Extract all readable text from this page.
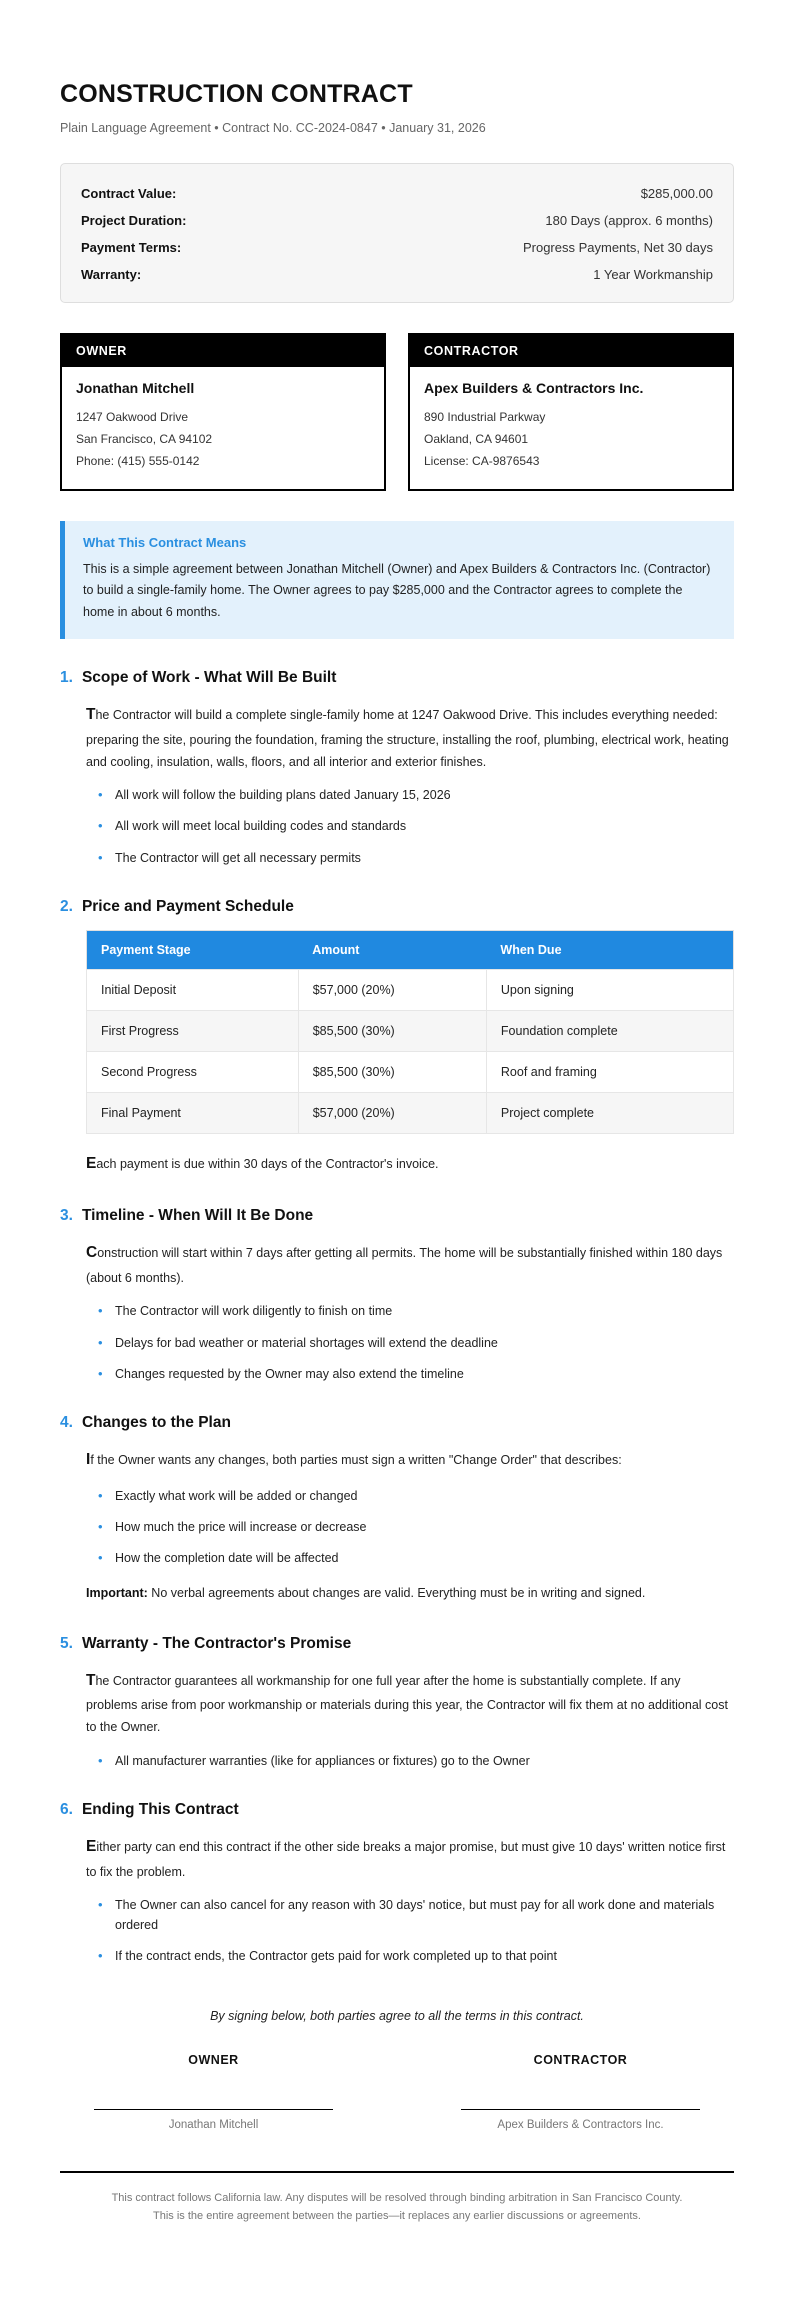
CONSTRUCTION CONTRACT

Plain Language Agreement • Contract No. CC-2024-0847 • January 31, 2026

Contract Value:	$285,000.00
Project Duration:	180 Days (approx. 6 months)
Payment Terms:	Progress Payments, Net 30 days
Warranty:	1 Year Workmanship
OWNER
Jonathan Mitchell
1247 Oakwood Drive
San Francisco, CA 94102
Phone: (415) 555-0142
CONTRACTOR
Apex Builders & Contractors Inc.
890 Industrial Parkway
Oakland, CA 94601
License: CA-9876543
What This Contract Means
This is a simple agreement between Jonathan Mitchell (Owner) and Apex Builders & Contractors Inc. (Contractor) to build a single-family home. The Owner agrees to pay $285,000 and the Contractor agrees to complete the home in about 6 months.
1. Scope of Work - What Will Be Built

The Contractor will build a complete single-family home at 1247 Oakwood Drive. This includes everything needed: preparing the site, pouring the foundation, framing the structure, installing the roof, plumbing, electrical work, heating and cooling, insulation, walls, floors, and all interior and exterior finishes.

• All work will follow the building plans dated January 15, 2026
• All work will meet local building codes and standards
• The Contractor will get all necessary permits
2. Price and Payment Schedule
Payment Stage	Amount	When Due
Initial Deposit	$57,000 (20%)	Upon signing
First Progress	$85,500 (30%)	Foundation complete
Second Progress	$85,500 (30%)	Roof and framing
Final Payment	$57,000 (20%)	Project complete

Each payment is due within 30 days of the Contractor's invoice.

3. Timeline - When Will It Be Done

Construction will start within 7 days after getting all permits. The home will be substantially finished within 180 days (about 6 months).

• The Contractor will work diligently to finish on time
• Delays for bad weather or material shortages will extend the deadline
• Changes requested by the Owner may also extend the timeline
4. Changes to the Plan

If the Owner wants any changes, both parties must sign a written "Change Order" that describes:

• Exactly what work will be added or changed
• How much the price will increase or decrease
• How the completion date will be affected

Important: No verbal agreements about changes are valid. Everything must be in writing and signed.

5. Warranty - The Contractor's Promise

The Contractor guarantees all workmanship for one full year after the home is substantially complete. If any problems arise from poor workmanship or materials during this year, the Contractor will fix them at no additional cost to the Owner.

• All manufacturer warranties (like for appliances or fixtures) go to the Owner
6. Ending This Contract

Either party can end this contract if the other side breaks a major promise, but must give 10 days' written notice first to fix the problem.

• The Owner can also cancel for any reason with 30 days' notice, but must pay for all work done and materials ordered
• If the contract ends, the Contractor gets paid for work completed up to that point
By signing below, both parties agree to all the terms in this contract.
OWNER
Jonathan Mitchell
CONTRACTOR
Apex Builders & Contractors Inc.
This contract follows California law. Any disputes will be resolved through binding arbitration in San Francisco County.
This is the entire agreement between the parties—it replaces any earlier discussions or agreements.
